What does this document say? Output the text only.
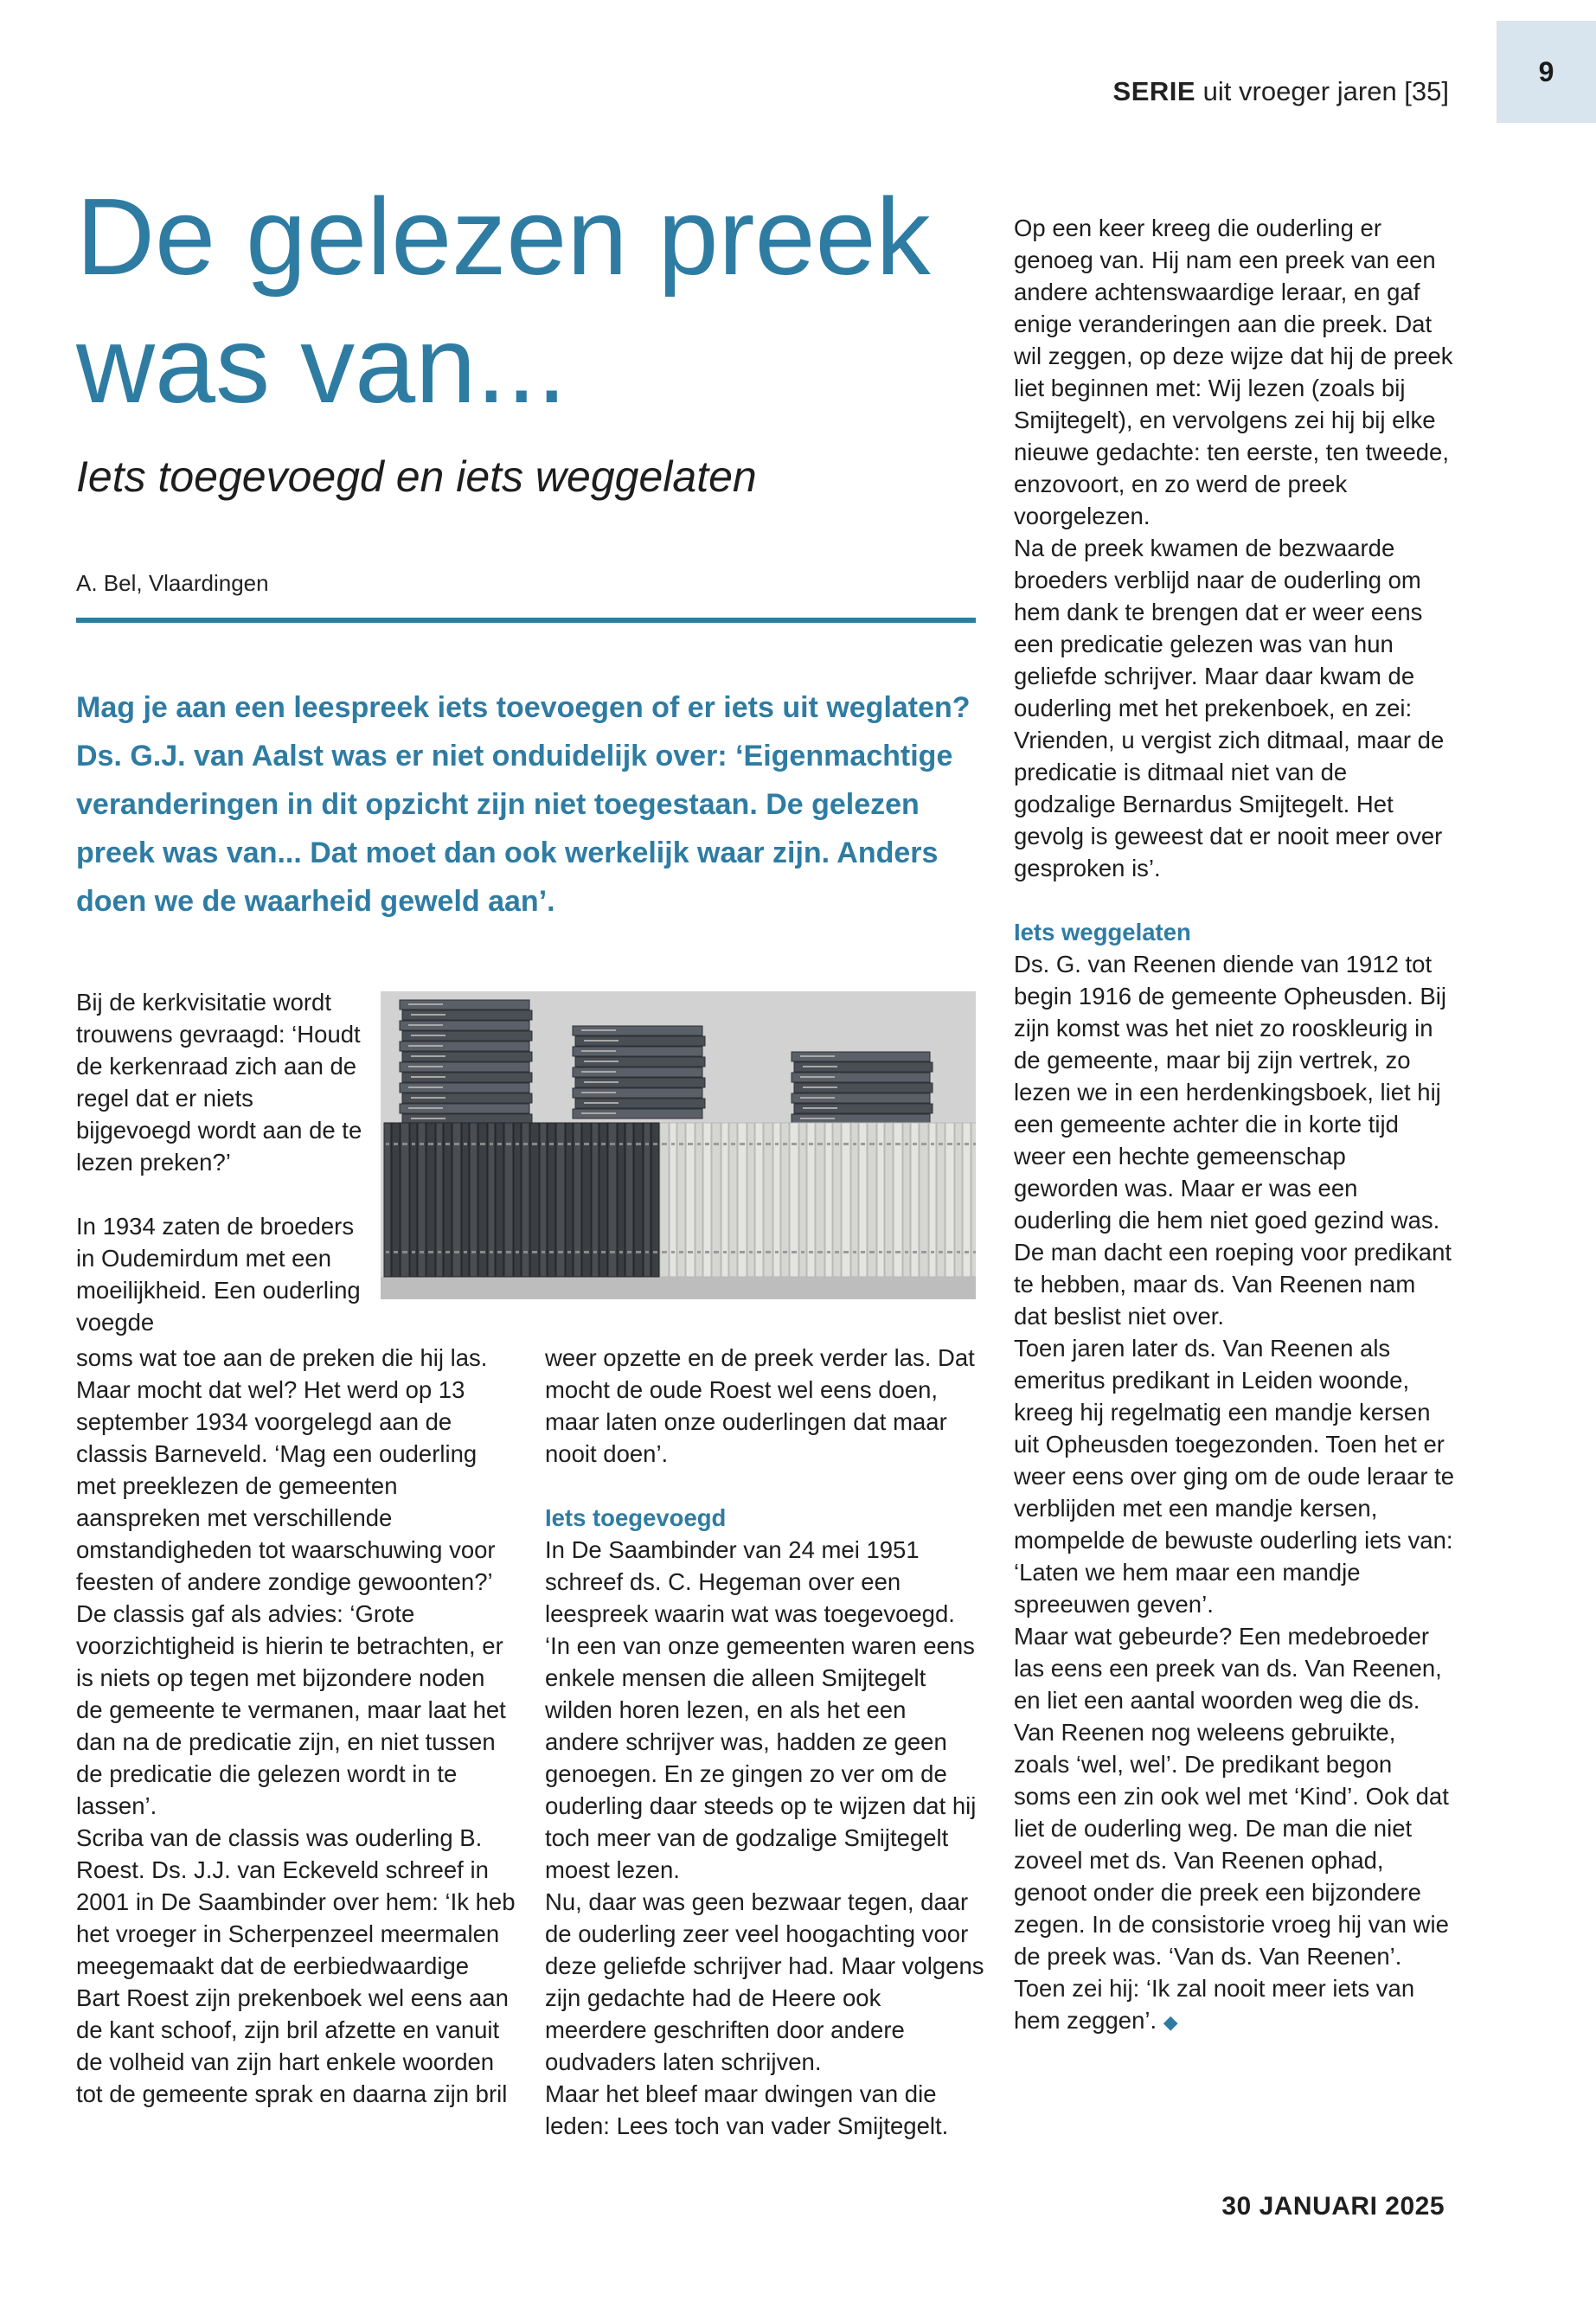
SERIE uit vroeger jaren [35]
9
De gelezen preek was van...
Iets toegevoegd en iets weggelaten
A. Bel, Vlaardingen

Mag je aan een leespreek iets toevoegen of er iets uit weglaten? Ds. G.J. van Aalst was er niet onduidelijk over: ‘Eigenmachtige veranderingen in dit opzicht zijn niet toegestaan. De gelezen preek was van... Dat moet dan ook werkelijk waar zijn. Anders doen we de waarheid geweld aan’.

Bij de kerkvisitatie wordt trouwens gevraagd: ‘Houdt de kerkenraad zich aan de regel dat er niets bijgevoegd wordt aan de te lezen preken?’

In 1934 zaten de broeders in Oudemirdum met een moeilijkheid. Een ouderling voegde

soms wat toe aan de preken die hij las. Maar mocht dat wel? Het werd op 13 september 1934 voorgelegd aan de classis Barneveld. ‘Mag een ouderling met preeklezen de gemeenten aanspreken met verschillende omstandigheden tot waarschuwing voor feesten of andere zondige gewoonten?’ De classis gaf als advies: ‘Grote voorzichtigheid is hierin te betrachten, er is niets op tegen met bijzondere noden de gemeente te vermanen, maar laat het dan na de predicatie zijn, en niet tussen de predicatie die gelezen wordt in te lassen’.

Scriba van de classis was ouderling B. Roest. Ds. J.J. van Eckeveld schreef in 2001 in De Saambinder over hem: ‘Ik heb het vroeger in Scherpenzeel meermalen meegemaakt dat de eerbiedwaardige Bart Roest zijn prekenboek wel eens aan de kant schoof, zijn bril afzette en vanuit de volheid van zijn hart enkele woorden tot de gemeente sprak en daarna zijn bril

weer opzette en de preek verder las. Dat mocht de oude Roest wel eens doen, maar laten onze ouderlingen dat maar nooit doen’.

Iets toegevoegd

In De Saambinder van 24 mei 1951 schreef ds. C. Hegeman over een leespreek waarin wat was toegevoegd. ‘In een van onze gemeenten waren eens enkele mensen die alleen Smijtegelt wilden horen lezen, en als het een andere schrijver was, hadden ze geen genoegen. En ze gingen zo ver om de ouderling daar steeds op te wijzen dat hij toch meer van de godzalige Smijtegelt moest lezen.

Nu, daar was geen bezwaar tegen, daar de ouderling zeer veel hoogachting voor deze geliefde schrijver had. Maar volgens zijn gedachte had de Heere ook meerdere geschriften door andere oudvaders laten schrijven.

Maar het bleef maar dwingen van die leden: Lees toch van vader Smijtegelt.

Op een keer kreeg die ouderling er genoeg van. Hij nam een preek van een andere achtenswaardige leraar, en gaf enige veranderingen aan die preek. Dat wil zeggen, op deze wijze dat hij de preek liet beginnen met: Wij lezen (zoals bij Smijtegelt), en vervolgens zei hij bij elke nieuwe gedachte: ten eerste, ten tweede, enzovoort, en zo werd de preek voorgelezen.

Na de preek kwamen de bezwaarde broeders verblijd naar de ouderling om hem dank te brengen dat er weer eens een predicatie gelezen was van hun geliefde schrijver. Maar daar kwam de ouderling met het prekenboek, en zei: Vrienden, u vergist zich ditmaal, maar de predicatie is ditmaal niet van de godzalige Bernardus Smijtegelt. Het gevolg is geweest dat er nooit meer over gesproken is’.

Iets weggelaten

Ds. G. van Reenen diende van 1912 tot begin 1916 de gemeente Opheusden. Bij zijn komst was het niet zo rooskleurig in de gemeente, maar bij zijn vertrek, zo lezen we in een herdenkingsboek, liet hij een gemeente achter die in korte tijd weer een hechte gemeenschap geworden was. Maar er was een ouderling die hem niet goed gezind was. De man dacht een roeping voor predikant te hebben, maar ds. Van Reenen nam dat beslist niet over.

Toen jaren later ds. Van Reenen als emeritus predikant in Leiden woonde, kreeg hij regelmatig een mandje kersen uit Opheusden toegezonden. Toen het er weer eens over ging om de oude leraar te verblijden met een mandje kersen, mompelde de bewuste ouderling iets van: ‘Laten we hem maar een mandje spreeuwen geven’.

Maar wat gebeurde? Een medebroeder las eens een preek van ds. Van Reenen, en liet een aantal woorden weg die ds. Van Reenen nog weleens gebruikte, zoals ‘wel, wel’. De predikant begon soms een zin ook wel met ‘Kind’. Ook dat liet de ouderling weg. De man die niet zoveel met ds. Van Reenen ophad, genoot onder die preek een bijzondere zegen. In de consistorie vroeg hij van wie de preek was. ‘Van ds. Van Reenen’. Toen zei hij: ‘Ik zal nooit meer iets van hem zeggen’. ◆

30 JANUARI 2025
